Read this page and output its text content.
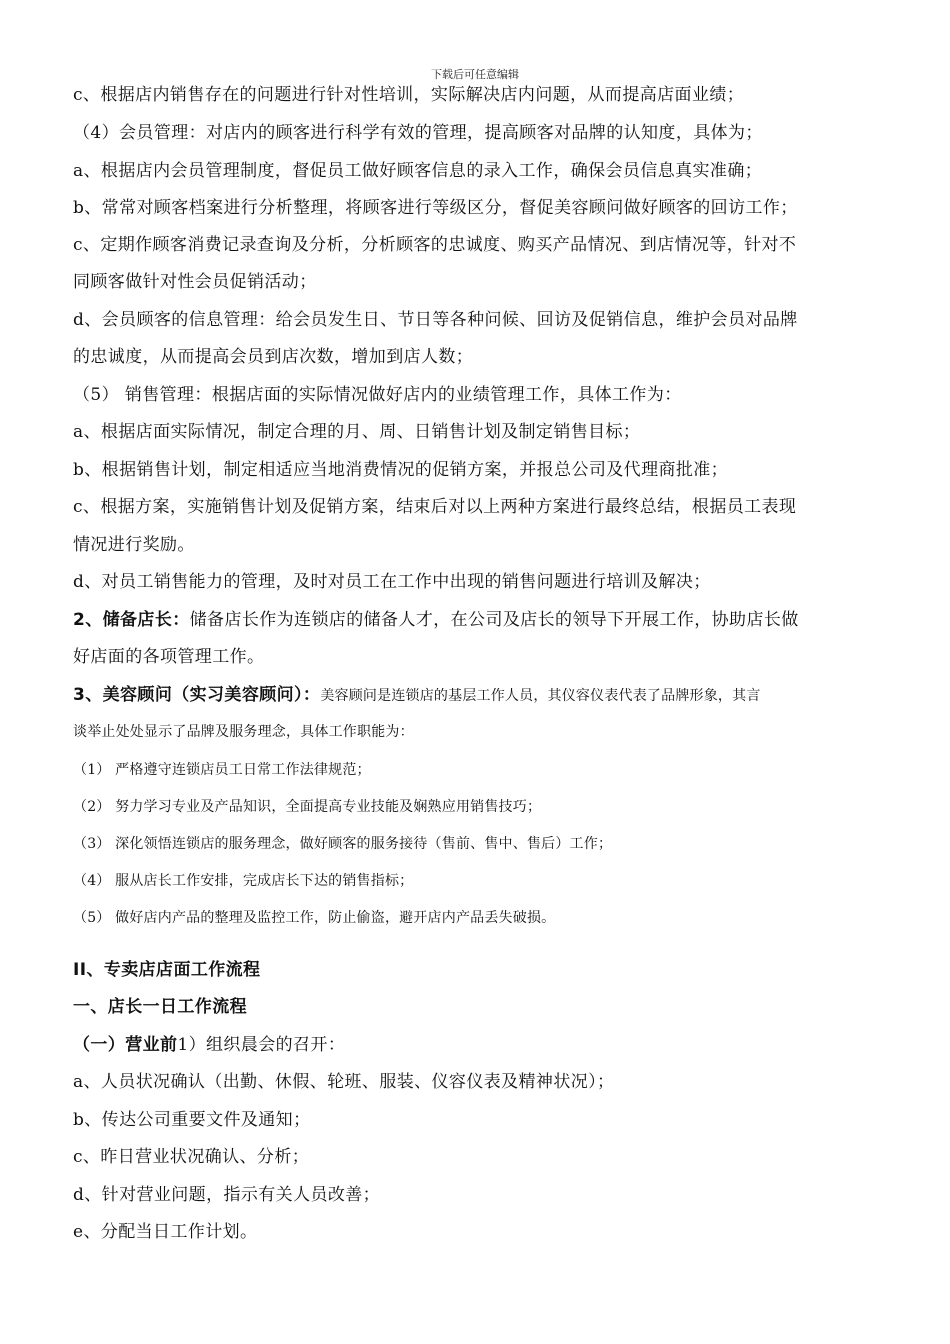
下载后可任意编辑
c、根据店内销售存在的问题进行针对性培训，实际解决店内问题，从而提高店面业绩；
（4）会员管理：对店内的顾客进行科学有效的管理，提高顾客对品牌的认知度，具体为；
a、根据店内会员管理制度，督促员工做好顾客信息的录入工作，确保会员信息真实准确；
b、常常对顾客档案进行分析整理，将顾客进行等级区分，督促美容顾问做好顾客的回访工作；
c、定期作顾客消费记录查询及分析，分析顾客的忠诚度、购买产品情况、到店情况等，针对不
同顾客做针对性会员促销活动；
d、会员顾客的信息管理：给会员发生日、节日等各种问候、回访及促销信息，维护会员对品牌
的忠诚度，从而提高会员到店次数，增加到店人数；
（5） 销售管理：根据店面的实际情况做好店内的业绩管理工作，具体工作为：
a、根据店面实际情况，制定合理的月、周、日销售计划及制定销售目标；
b、根据销售计划，制定相适应当地消费情况的促销方案，并报总公司及代理商批准；
c、根据方案，实施销售计划及促销方案，结束后对以上两种方案进行最终总结，根据员工表现
情况进行奖励。
d、对员工销售能力的管理，及时对员工在工作中出现的销售问题进行培训及解决；
2、储备店长：储备店长作为连锁店的储备人才，在公司及店长的领导下开展工作，协助店长做
好店面的各项管理工作。
3、美容顾问（实习美容顾问）：美容顾问是连锁店的基层工作人员，其仪容仪表代表了品牌形象，其言
谈举止处处显示了品牌及服务理念，具体工作职能为：
（1） 严格遵守连锁店员工日常工作法律规范；
（2） 努力学习专业及产品知识，全面提高专业技能及娴熟应用销售技巧；
（3） 深化领悟连锁店的服务理念，做好顾客的服务接待（售前、售中、售后）工作；
（4） 服从店长工作安排，完成店长下达的销售指标；
（5） 做好店内产品的整理及监控工作，防止偷盗，避开店内产品丢失破损。
II、专卖店店面工作流程
一、店长一日工作流程
（一）营业前1）组织晨会的召开：
a、人员状况确认（出勤、休假、轮班、服装、仪容仪表及精神状况）；
b、传达公司重要文件及通知；
c、昨日营业状况确认、分析；
d、针对营业问题，指示有关人员改善；
e、分配当日工作计划。
